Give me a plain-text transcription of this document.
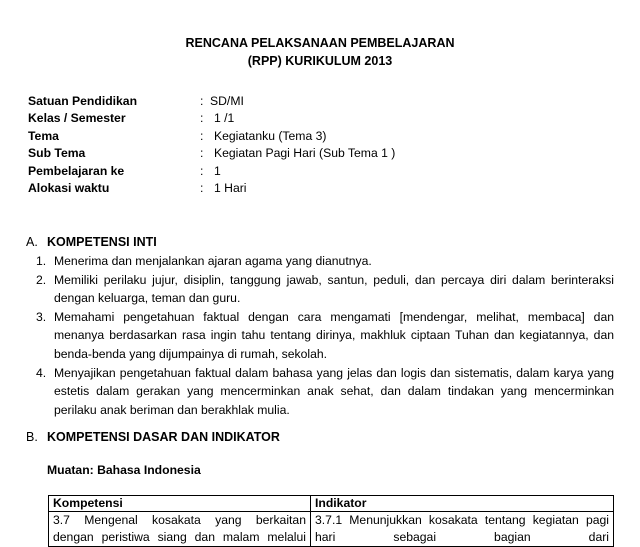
RENCANA PELAKSANAAN PEMBELAJARAN
(RPP) KURIKULUM 2013
Satuan Pendidikan	: SD/MI
Kelas / Semester	: 1 /1
Tema	: Kegiatanku (Tema 3)
Sub Tema	: Kegiatan Pagi Hari (Sub Tema 1 )
Pembelajaran ke	: 1
Alokasi waktu	: 1 Hari
A. KOMPETENSI INTI
1. Menerima dan menjalankan ajaran agama yang dianutnya.
2. Memiliki perilaku jujur, disiplin, tanggung jawab, santun, peduli, dan percaya diri dalam berinteraksi dengan keluarga, teman dan guru.
3. Memahami pengetahuan faktual dengan cara mengamati [mendengar, melihat, membaca] dan menanya berdasarkan rasa ingin tahu tentang dirinya, makhluk ciptaan Tuhan dan kegiatannya, dan benda-benda yang dijumpainya di rumah, sekolah.
4. Menyajikan pengetahuan faktual dalam bahasa yang jelas dan logis dan sistematis, dalam karya yang estetis dalam gerakan yang mencerminkan anak sehat, dan dalam tindakan yang mencerminkan perilaku anak beriman dan berakhlak mulia.
B. KOMPETENSI DASAR DAN INDIKATOR
Muatan: Bahasa Indonesia
Kompetensi	Indikator

3.7 Mengenal kosakata yang berkaitan dengan peristiwa siang dan malam melalui	3.7.1 Menunjukkan kosakata tentang kegiatan pagi hari sebagai bagian dari
